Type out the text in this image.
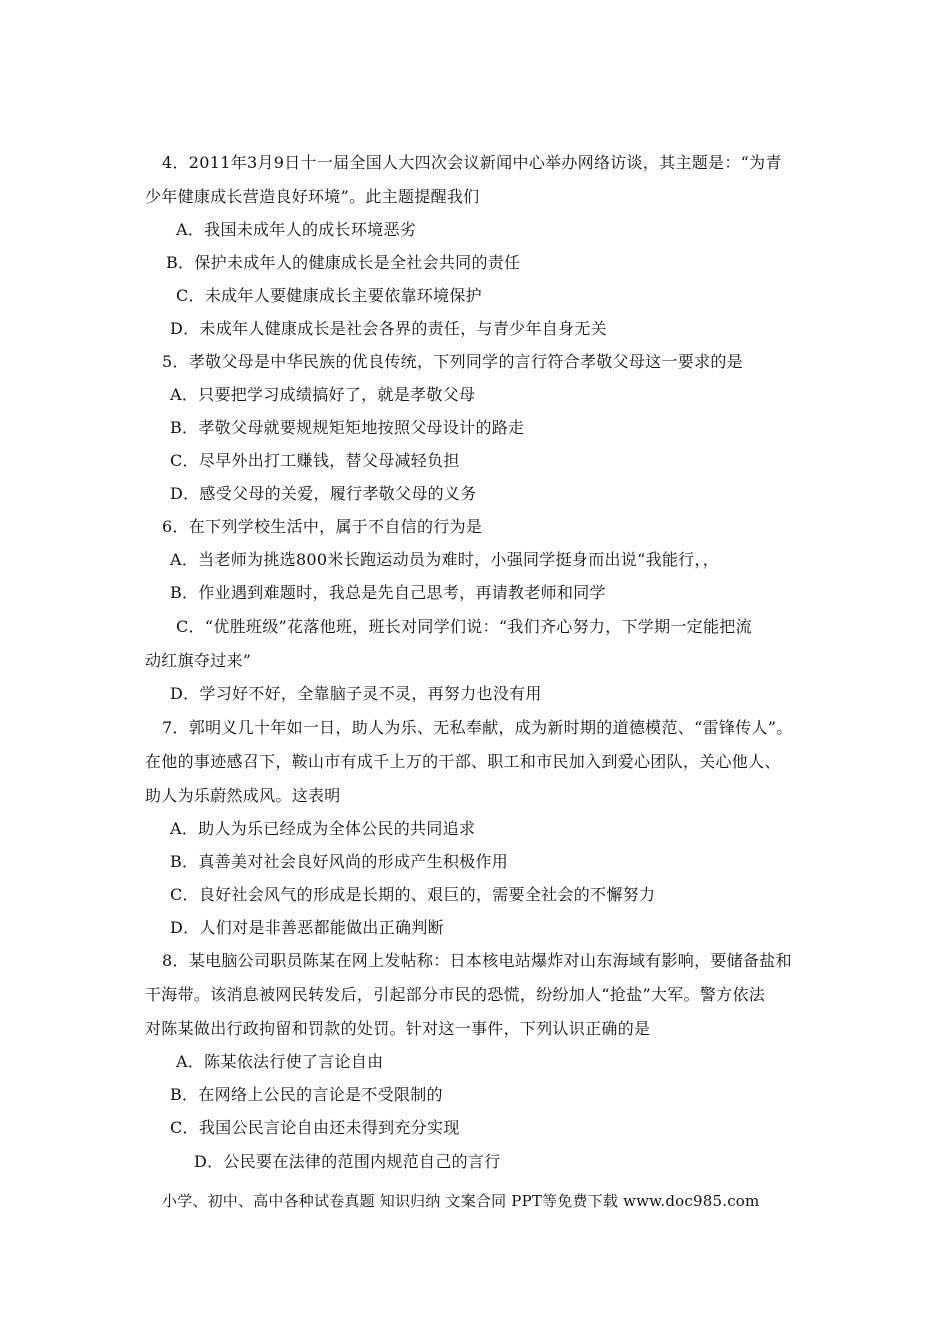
4．2011年3月9日十一届全国人大四次会议新闻中心举办网络访谈，其主题是：“为青
少年健康成长营造良好环境”。此主题提醒我们
A．我国未成年人的成长环境恶劣
B．保护未成年人的健康成长是全社会共同的责任
C．未成年人要健康成长主要依靠环境保护
D．未成年人健康成长是社会各界的责任，与青少年自身无关
5．孝敬父母是中华民族的优良传统，下列同学的言行符合孝敬父母这一要求的是
A．只要把学习成绩搞好了，就是孝敬父母
B．孝敬父母就要规规矩矩地按照父母设计的路走
C．尽早外出打工赚钱，替父母减轻负担
D．感受父母的关爱，履行孝敬父母的义务
6．在下列学校生活中，属于不自信的行为是
A．当老师为挑选800米长跑运动员为难时，小强同学挺身而出说“我能行，，
B．作业遇到难题时，我总是先自己思考，再请教老师和同学
C．“优胜班级”花落他班，班长对同学们说：“我们齐心努力，下学期一定能把流
动红旗夺过来”
D．学习好不好，全靠脑子灵不灵，再努力也没有用
7．郭明义几十年如一日，助人为乐、无私奉献，成为新时期的道德模范、“雷锋传人”。
在他的事迹感召下，鞍山市有成千上万的干部、职工和市民加入到爱心团队，关心他人、
助人为乐蔚然成风。这表明
A．助人为乐已经成为全体公民的共同追求
B．真善美对社会良好风尚的形成产生积极作用
C．良好社会风气的形成是长期的、艰巨的，需要全社会的不懈努力
D．人们对是非善恶都能做出正确判断
8．某电脑公司职员陈某在网上发帖称：日本核电站爆炸对山东海域有影响，要储备盐和
干海带。该消息被网民转发后，引起部分市民的恐慌，纷纷加人“抢盐”大军。警方依法
对陈某做出行政拘留和罚款的处罚。针对这一事件，下列认识正确的是
A．陈某依法行使了言论自由
B．在网络上公民的言论是不受限制的
C．我国公民言论自由还未得到充分实现
D．公民要在法律的范围内规范自己的言行
小学、初中、高中各种试卷真题 知识归纳 文案合同 PPT等免费下载 www.doc985.com
